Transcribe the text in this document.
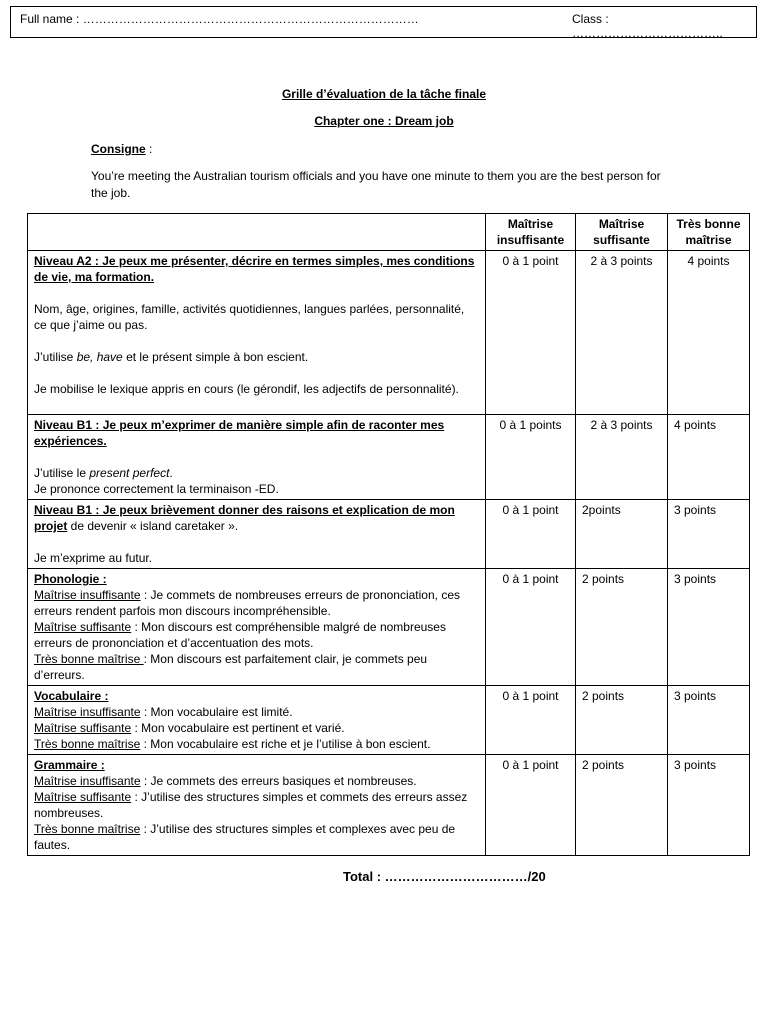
Full name : …………………………………………………………………………	Class : ………………………………..
Grille d’évaluation de la tâche finale
Chapter one : Dream job
Consigne :
You’re meeting the Australian tourism officials and you have one minute to them you are the best person for the job.
	Maîtrise insuffisante	Maîtrise suffisante	Très bonne maîtrise

Niveau A2 : Je peux me présenter, décrire en termes simples, mes conditions de vie, ma formation.

Nom, âge, origines, famille, activités quotidiennes, langues parlées, personnalité, ce que j’aime ou pas.

J’utilise be, have et le présent simple à bon escient.

Je mobilise le lexique appris en cours (le gérondif, les adjectifs de personnalité).	0 à 1 point	2 à 3 points	4 points

Niveau B1 : Je peux m’exprimer de manière simple afin de raconter mes expériences.

J’utilise le present perfect.

Je prononce correctement la terminaison -ED.	0 à 1 points	2 à 3 points	4 points

Niveau B1 : Je peux brièvement donner des raisons et explication de mon projet de devenir « island caretaker ».

Je m’exprime au futur.	0 à 1 point	2points	3 points

Phonologie :

Maîtrise insuffisante : Je commets de nombreuses erreurs de prononciation, ces erreurs rendent parfois mon discours incompréhensible.

Maîtrise suffisante : Mon discours est compréhensible malgré de nombreuses erreurs de prononciation et d’accentuation des mots.

Très bonne maîtrise : Mon discours est parfaitement clair, je commets peu d’erreurs.	0 à 1 point	2 points	3 points

Vocabulaire :

Maîtrise insuffisante : Mon vocabulaire est limité.

Maîtrise suffisante : Mon vocabulaire est pertinent et varié.

Très bonne maîtrise : Mon vocabulaire est riche et je l’utilise à bon escient.	0 à 1 point	2 points	3 points

Grammaire :

Maîtrise insuffisante : Je commets des erreurs basiques et nombreuses.

Maîtrise suffisante : J’utilise des structures simples et commets des erreurs assez nombreuses.

Très bonne maîtrise : J’utilise des structures simples et complexes avec peu de fautes.	0 à 1 point	2 points	3 points
Total : ……………………………/20
